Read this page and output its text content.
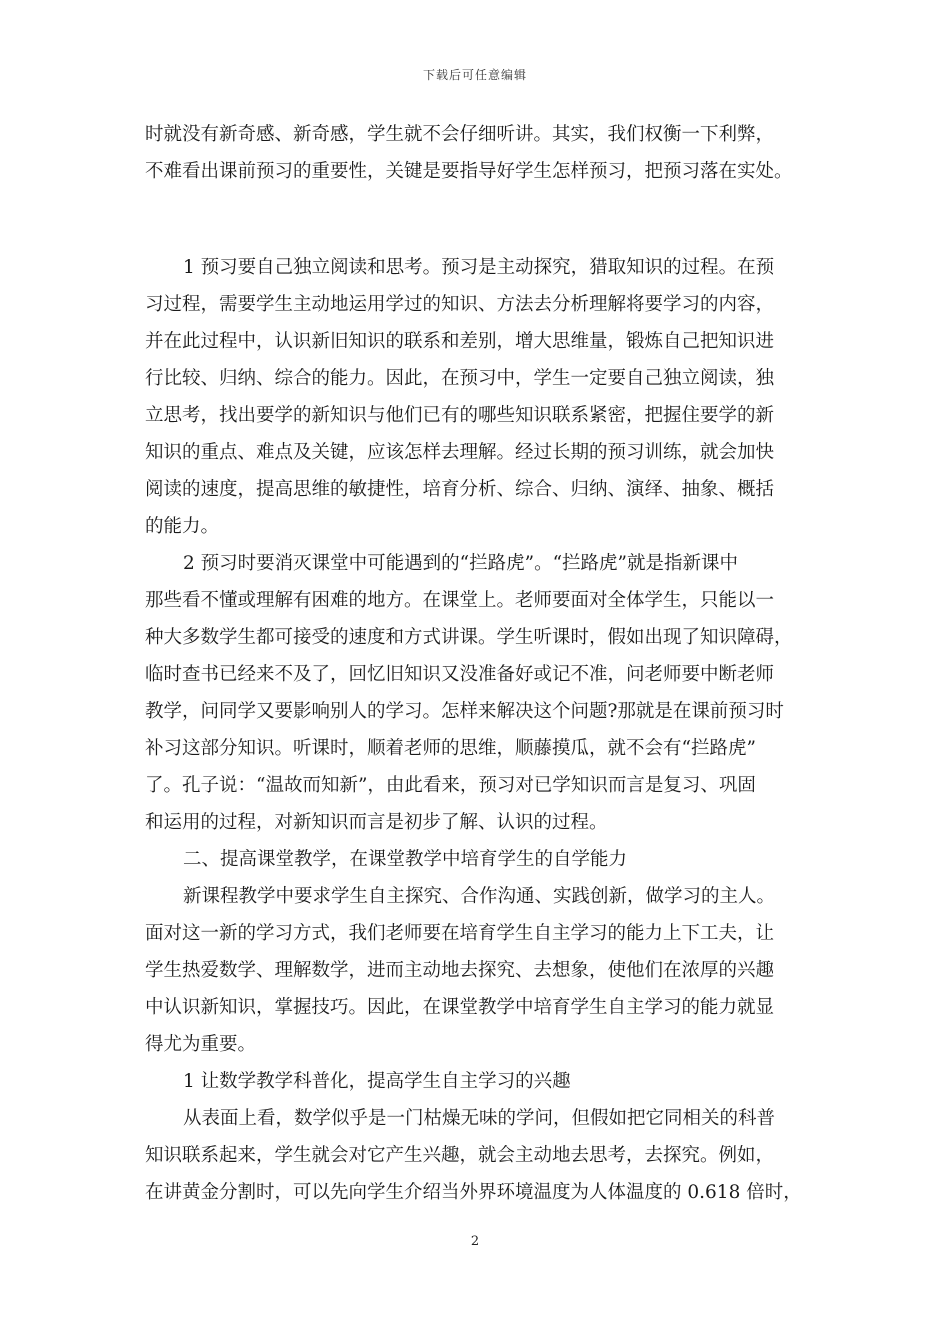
下载后可任意编辑
时就没有新奇感、新奇感，学生就不会仔细听讲。其实，我们权衡一下利弊，
不难看出课前预习的重要性，关键是要指导好学生怎样预习，把预习落在实处。
1 预习要自己独立阅读和思考。预习是主动探究，猎取知识的过程。在预
习过程，需要学生主动地运用学过的知识、方法去分析理解将要学习的内容，
并在此过程中，认识新旧知识的联系和差别，增大思维量，锻炼自己把知识进
行比较、归纳、综合的能力。因此，在预习中，学生一定要自己独立阅读，独
立思考，找出要学的新知识与他们已有的哪些知识联系紧密，把握住要学的新
知识的重点、难点及关键，应该怎样去理解。经过长期的预习训练，就会加快
阅读的速度，提高思维的敏捷性，培育分析、综合、归纳、演绎、抽象、概括
的能力。
2 预习时要消灭课堂中可能遇到的“拦路虎”。“拦路虎”就是指新课中
那些看不懂或理解有困难的地方。在课堂上。老师要面对全体学生，只能以一
种大多数学生都可接受的速度和方式讲课。学生听课时，假如出现了知识障碍，
临时查书已经来不及了，回忆旧知识又没准备好或记不准，问老师要中断老师
教学，问同学又要影响别人的学习。怎样来解决这个问题?那就是在课前预习时
补习这部分知识。听课时，顺着老师的思维，顺藤摸瓜，就不会有“拦路虎”
了。孔子说：“温故而知新”，由此看来，预习对已学知识而言是复习、巩固
和运用的过程，对新知识而言是初步了解、认识的过程。
二、提高课堂教学，在课堂教学中培育学生的自学能力
新课程教学中要求学生自主探究、合作沟通、实践创新，做学习的主人。
面对这一新的学习方式，我们老师要在培育学生自主学习的能力上下工夫，让
学生热爱数学、理解数学，进而主动地去探究、去想象，使他们在浓厚的兴趣
中认识新知识，掌握技巧。因此，在课堂教学中培育学生自主学习的能力就显
得尤为重要。
1 让数学教学科普化，提高学生自主学习的兴趣
从表面上看，数学似乎是一门枯燥无味的学问，但假如把它同相关的科普
知识联系起来，学生就会对它产生兴趣，就会主动地去思考，去探究。例如，
在讲黄金分割时，可以先向学生介绍当外界环境温度为人体温度的 0.618 倍时，
2
